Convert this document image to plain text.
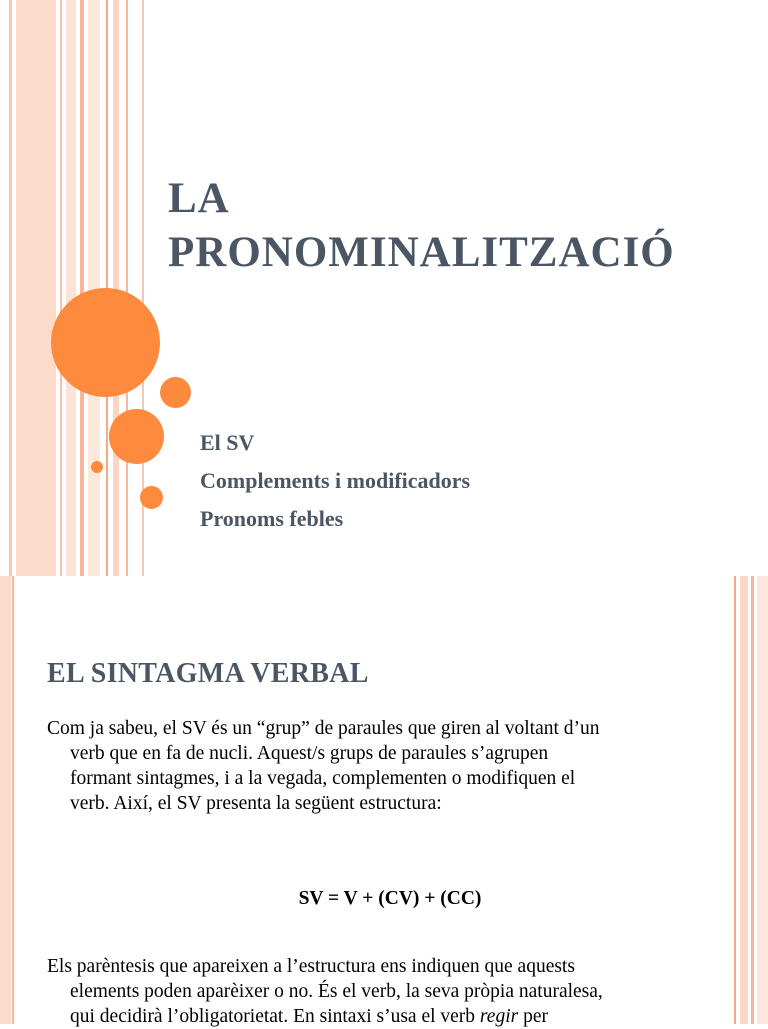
LA
PRONOMINALITZACIÓ
El SV
Complements i modificadors
Pronoms febles
EL SINTAGMA VERBAL
Com ja sabeu, el SV és un “grup” de paraules que giren al voltant d’un
verb que en fa de nucli. Aquest/s grups de paraules s’agrupen
formant sintagmes, i a la vegada, complementen o modifiquen el
verb. Així, el SV presenta la següent estructura:
SV = V + (CV) + (CC)
Els parèntesis que apareixen a l’estructura ens indiquen que aquests
elements poden aparèixer o no. És el verb, la seva pròpia naturalesa,
qui decidirà l’obligatorietat. En sintaxi s’usa el verb regir per
